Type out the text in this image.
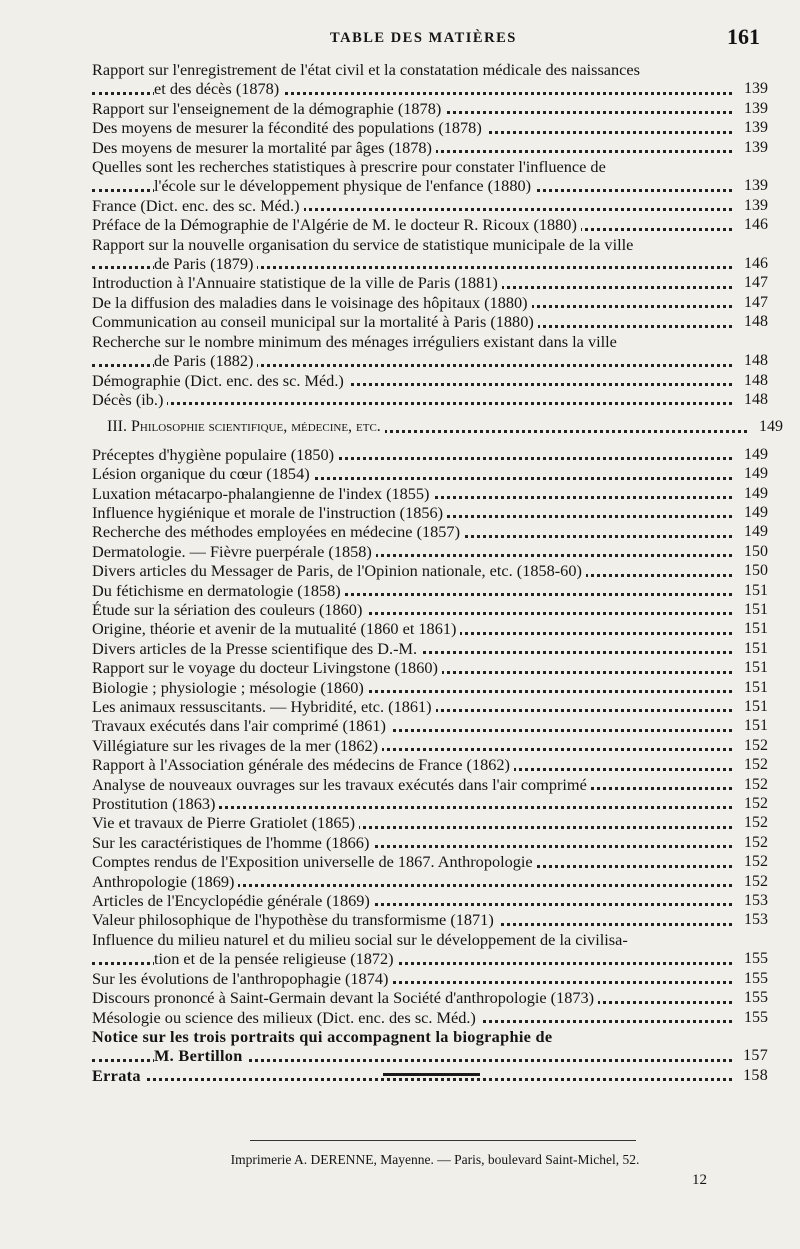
TABLE DES MATIÈRES	161
Rapport sur l'enregistrement de l'état civil et la constatation médicale des naissances
et des décès (1878)	139
Rapport sur l'enseignement de la démographie (1878)	139
Des moyens de mesurer la fécondité des populations (1878)	139
Des moyens de mesurer la mortalité par âges (1878)	139
Quelles sont les recherches statistiques à prescrire pour constater l'influence de
l'école sur le développement physique de l'enfance (1880)	139
France (Dict. enc. des sc. Méd.)	139
Préface de la Démographie de l'Algérie de M. le docteur R. Ricoux (1880)	146
Rapport sur la nouvelle organisation du service de statistique municipale de la ville
de Paris (1879)	146
Introduction à l'Annuaire statistique de la ville de Paris (1881)	147
De la diffusion des maladies dans le voisinage des hôpitaux (1880)	147
Communication au conseil municipal sur la mortalité à Paris (1880)	148
Recherche sur le nombre minimum des ménages irréguliers existant dans la ville
de Paris (1882)	148
Démographie (Dict. enc. des sc. Méd.)	148
Décès (ib.)	148
III. Philosophie scientifique, médecine, etc.	149
Préceptes d'hygiène populaire (1850)	149
Lésion organique du cœur (1854)	149
Luxation métacarpo-phalangienne de l'index (1855)	149
Influence hygiénique et morale de l'instruction (1856)	149
Recherche des méthodes employées en médecine (1857)	149
Dermatologie. — Fièvre puerpérale (1858)	150
Divers articles du Messager de Paris, de l'Opinion nationale, etc. (1858-60)	150
Du fétichisme en dermatologie (1858)	151
Étude sur la sériation des couleurs (1860)	151
Origine, théorie et avenir de la mutualité (1860 et 1861)	151
Divers articles de la Presse scientifique des D.-M.	151
Rapport sur le voyage du docteur Livingstone (1860)	151
Biologie ; physiologie ; mésologie (1860)	151
Les animaux ressuscitants. — Hybridité, etc. (1861)	151
Travaux exécutés dans l'air comprimé (1861)	151
Villégiature sur les rivages de la mer (1862)	152
Rapport à l'Association générale des médecins de France (1862)	152
Analyse de nouveaux ouvrages sur les travaux exécutés dans l'air comprimé	152
Prostitution (1863)	152
Vie et travaux de Pierre Gratiolet (1865)	152
Sur les caractéristiques de l'homme (1866)	152
Comptes rendus de l'Exposition universelle de 1867. Anthropologie	152
Anthropologie (1869)	152
Articles de l'Encyclopédie générale (1869)	153
Valeur philosophique de l'hypothèse du transformisme (1871)	153
Influence du milieu naturel et du milieu social sur le développement de la civilisa-
tion et de la pensée religieuse (1872)	155
Sur les évolutions de l'anthropophagie (1874)	155
Discours prononcé à Saint-Germain devant la Société d'anthropologie (1873)	155
Mésologie ou science des milieux (Dict. enc. des sc. Méd.)	155
Notice sur les trois portraits qui accompagnent la biographie de
M. Bertillon	157
Errata	158
Imprimerie A. DERENNE, Mayenne. — Paris, boulevard Saint-Michel, 52.
12
